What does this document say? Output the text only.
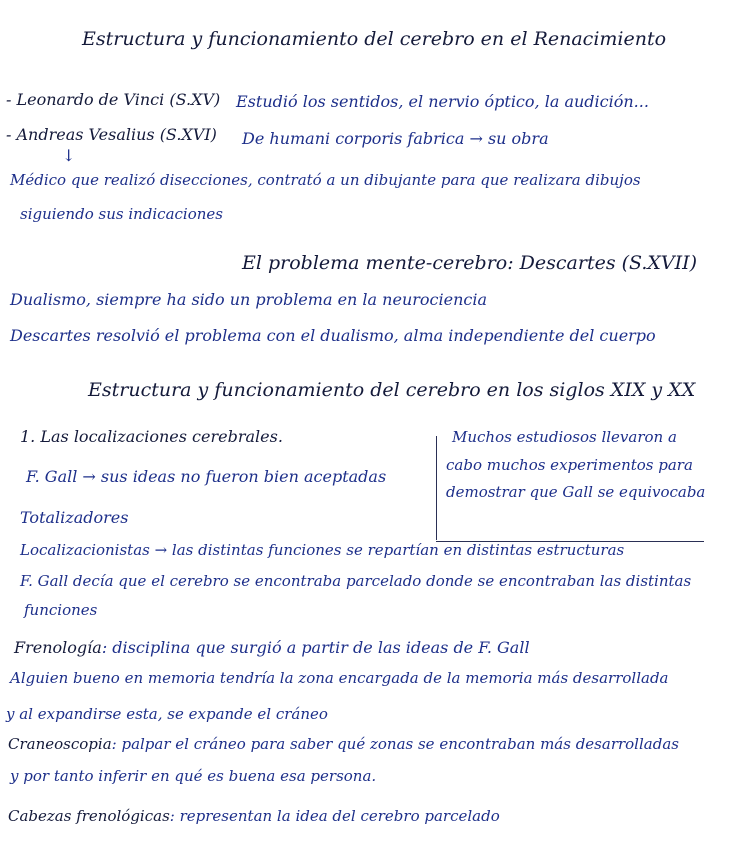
Estructura y funcionamiento del cerebro en el Renacimiento
- Leonardo de Vinci (S.XV) Estudió los sentidos, el nervio óptico, la audición...
- Andreas Vesalius (S.XVI) De humani corporis fabrica → su obra
↓
Médico que realizó disecciones, contrató a un dibujante para que realizara dibujos
siguiendo sus indicaciones
El problema mente-cerebro: Descartes (S.XVII)
Dualismo, siempre ha sido un problema en la neurociencia
Descartes resolvió el problema con el dualismo, alma independiente del cuerpo
Estructura y funcionamiento del cerebro en los siglos XIX y XX
1. Las localizaciones cerebrales.
F. Gall → sus ideas no fueron bien aceptadas
Totalizadores
Muchos estudiosos llevaron a
cabo muchos experimentos para
demostrar que Gall se equivocaba
Localizacionistas → las distintas funciones se repartían en distintas estructuras
F. Gall decía que el cerebro se encontraba parcelado donde se encontraban las distintas
funciones
Frenología: disciplina que surgió a partir de las ideas de F. Gall
Alguien bueno en memoria tendría la zona encargada de la memoria más desarrollada
y al expandirse esta, se expande el cráneo
Craneoscopia: palpar el cráneo para saber qué zonas se encontraban más desarrolladas
y por tanto inferir en qué es buena esa persona.
Cabezas frenológicas: representan la idea del cerebro parcelado
